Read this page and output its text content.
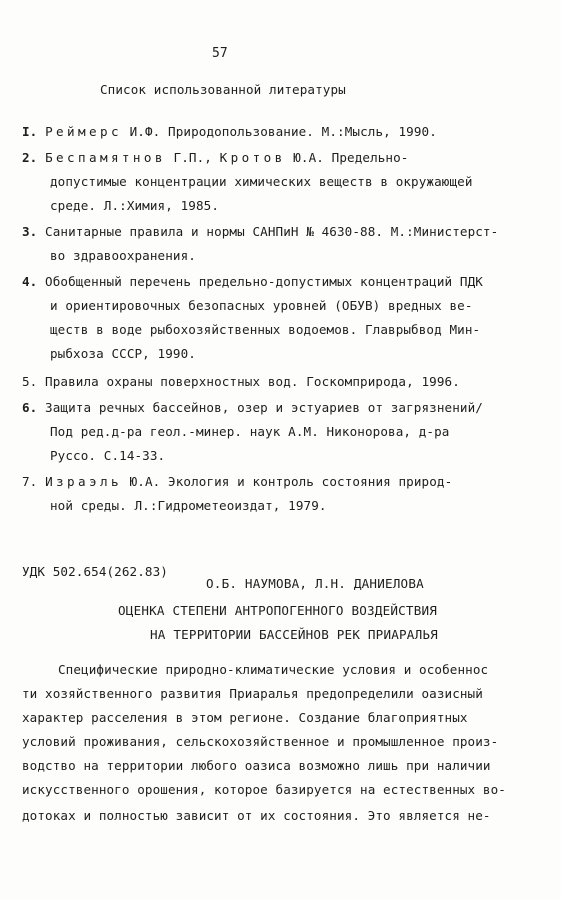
57
Список использованной литературы
I. Реймерс И.Ф. Природопользование. М.:Мысль, 1990.
2. Беспамятнов Г.П., Кротов Ю.А. Предельно-
допустимые концентрации химических веществ в окружающей
среде. Л.:Химия, 1985.
3. Санитарные правила и нормы САНПиН № 4630-88. М.:Министерст-
во здравоохранения.
4. Обобщенный перечень предельно-допустимых концентраций ПДК
и ориентировочных безопасных уровней (ОБУВ) вредных ве-
ществ в воде рыбохозяйственных водоемов. Главрыбвод Мин-
рыбхоза СССР, 1990.
5. Правила охраны поверхностных вод. Госкомприрода, 1996.
6. Защита речных бассейнов, озер и эстуариев от загрязнений/
Под ред.д-ра геол.-минер. наук А.М. Никонорова, д-ра
Руссо. С.14-33.
7. Израэль Ю.А. Экология и контроль состояния природ-
ной среды. Л.:Гидрометеоиздат, 1979.
УДК 502.654(262.83)
О.Б. НАУМОВА, Л.Н. ДАНИЕЛОВА
ОЦЕНКА СТЕПЕНИ АНТРОПОГЕННОГО ВОЗДЕЙСТВИЯ
НА ТЕРРИТОРИИ БАССЕЙНОВ РЕК ПРИАРАЛЬЯ
Специфические природно-климатические условия и особеннос
ти хозяйственного развития Приаралья предопределили оазисный
характер расселения в этом регионе. Создание благоприятных
условий проживания, сельскохозяйственное и промышленное произ-
водство на территории любого оазиса возможно лишь при наличии
искусственного орошения, которое базируется на естественных во-
дотоках и полностью зависит от их состояния. Это является не-
